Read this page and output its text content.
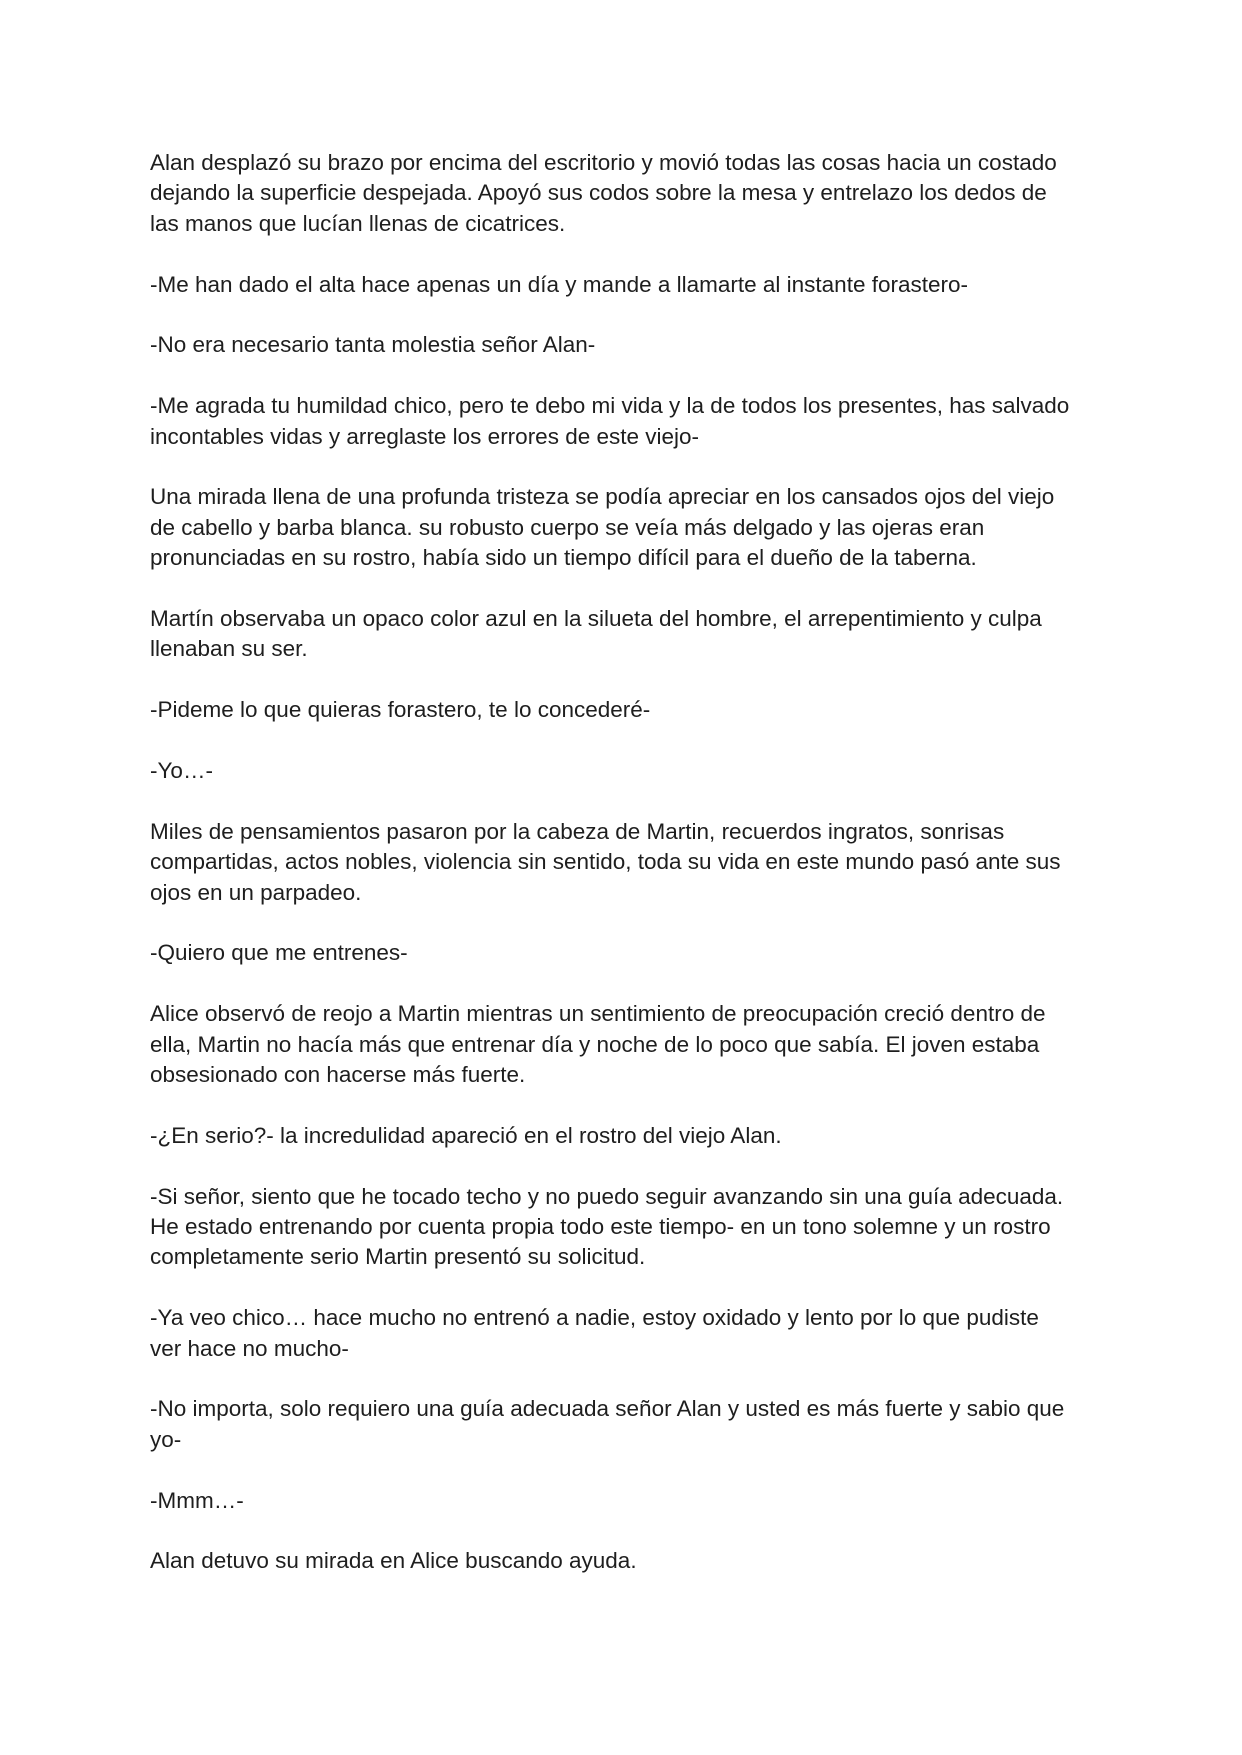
Alan desplazó su brazo por encima del escritorio y movió todas las cosas hacia un costado
dejando la superficie despejada. Apoyó sus codos sobre la mesa y entrelazo los dedos de
las manos que lucían llenas de cicatrices.

-Me han dado el alta hace apenas un día y mande a llamarte al instante forastero-

-No era necesario tanta molestia señor Alan-

-Me agrada tu humildad chico, pero te debo mi vida y la de todos los presentes, has salvado
incontables vidas y arreglaste los errores de este viejo-

Una mirada llena de una profunda tristeza se podía apreciar en los cansados ojos del viejo
de cabello y barba blanca. su robusto cuerpo se veía más delgado y las ojeras eran
pronunciadas en su rostro, había sido un tiempo difícil para el dueño de la taberna.

Martín observaba un opaco color azul en la silueta del hombre, el arrepentimiento y culpa
llenaban su ser.

-Pideme lo que quieras forastero, te lo concederé-

-Yo…-

Miles de pensamientos pasaron por la cabeza de Martin, recuerdos ingratos, sonrisas
compartidas, actos nobles, violencia sin sentido, toda su vida en este mundo pasó ante sus
ojos en un parpadeo.

-Quiero que me entrenes-

Alice observó de reojo a Martin mientras un sentimiento de preocupación creció dentro de
ella, Martin no hacía más que entrenar día y noche de lo poco que sabía. El joven estaba
obsesionado con hacerse más fuerte.

-¿En serio?- la incredulidad apareció en el rostro del viejo Alan.

-Si señor, siento que he tocado techo y no puedo seguir avanzando sin una guía adecuada.
He estado entrenando por cuenta propia todo este tiempo- en un tono solemne y un rostro
completamente serio Martin presentó su solicitud.

-Ya veo chico… hace mucho no entrenó a nadie, estoy oxidado y lento por lo que pudiste
ver hace no mucho-

-No importa, solo requiero una guía adecuada señor Alan y usted es más fuerte y sabio que
yo-

-Mmm…-

Alan detuvo su mirada en Alice buscando ayuda.
